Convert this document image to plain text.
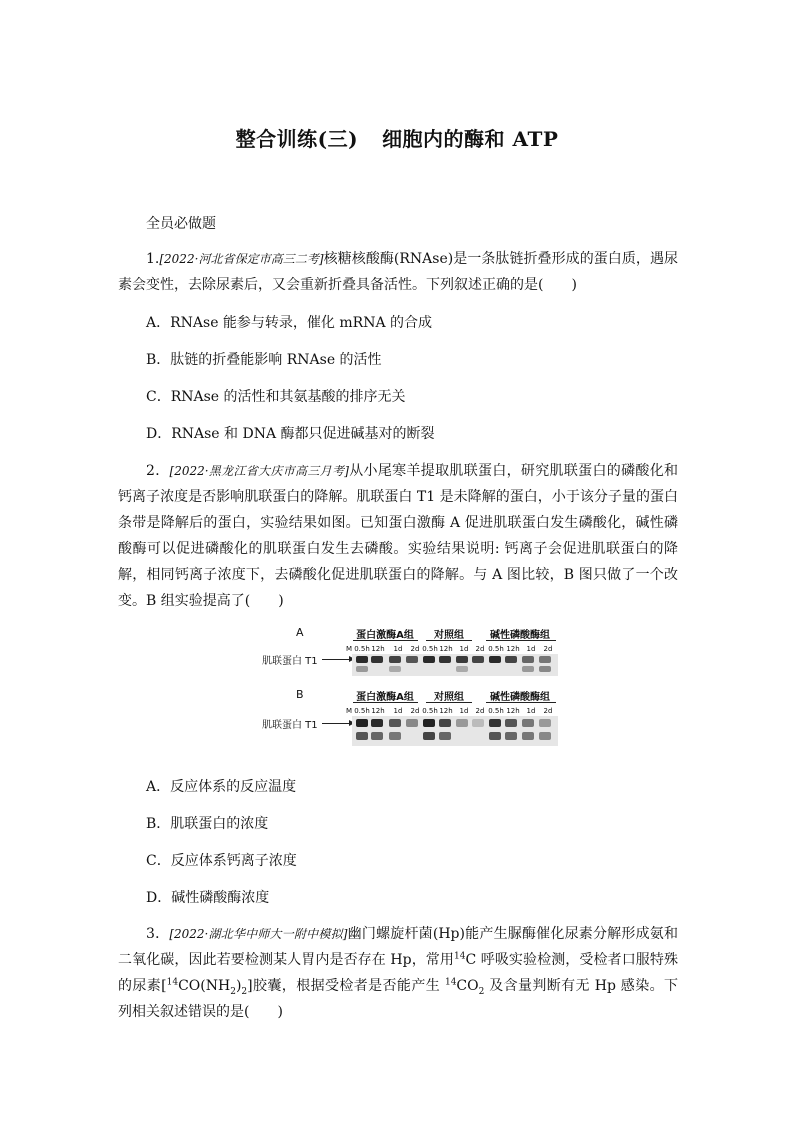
整合训练(三) 细胞内的酶和 ATP
全员必做题

1.[2022·河北省保定市高三二考]核糖核酸酶(RNAse)是一条肽链折叠形成的蛋白质，遇尿素会变性，去除尿素后，又会重新折叠具备活性。下列叙述正确的是(　　)

A．RNAse 能参与转录，催化 mRNA 的合成
B．肽链的折叠能影响 RNAse 的活性
C．RNAse 的活性和其氨基酸的排序无关
D．RNAse 和 DNA 酶都只促进碱基对的断裂

2．[2022·黑龙江省大庆市高三月考]从小尾寒羊提取肌联蛋白，研究肌联蛋白的磷酸化和钙离子浓度是否影响肌联蛋白的降解。肌联蛋白 T1 是未降解的蛋白，小于该分子量的蛋白条带是降解后的蛋白，实验结果如图。已知蛋白激酶 A 促进肌联蛋白发生磷酸化，碱性磷酸酶可以促进磷酸化的肌联蛋白发生去磷酸。实验结果说明: 钙离子会促进肌联蛋白的降解，相同钙离子浓度下，去磷酸化促进肌联蛋白的降解。与 A 图比较，B 图只做了一个改变。B 组实验提高了(　　)

A	蛋白激酶A组	对照组	碱性磷酸酶组
M 0.5h 12h	1d	2d 0.5h 12h 1d	2d 0.5h 12h 1d	2d
肌联蛋白 T1
B	蛋白激酶A组	对照组	碱性磷酸酶组
M 0.5h 12h	1d	2d 0.5h 12h 1d	2d 0.5h 12h 1d	2d
肌联蛋白 T1
A．反应体系的反应温度
B．肌联蛋白的浓度
C．反应体系钙离子浓度
D．碱性磷酸酶浓度

3．[2022·湖北华中师大一附中模拟]幽门螺旋杆菌(Hp)能产生脲酶催化尿素分解形成氨和二氧化碳，因此若要检测某人胃内是否存在 Hp，常用$^{14}$C 呼吸实验检测，受检者口服特殊的尿素$[^{14}CO(NH_2)_2]$胶囊，根据受检者是否能产生 $^{14}CO_2$ 及含量判断有无 Hp 感染。下列相关叙述错误的是(　　)
